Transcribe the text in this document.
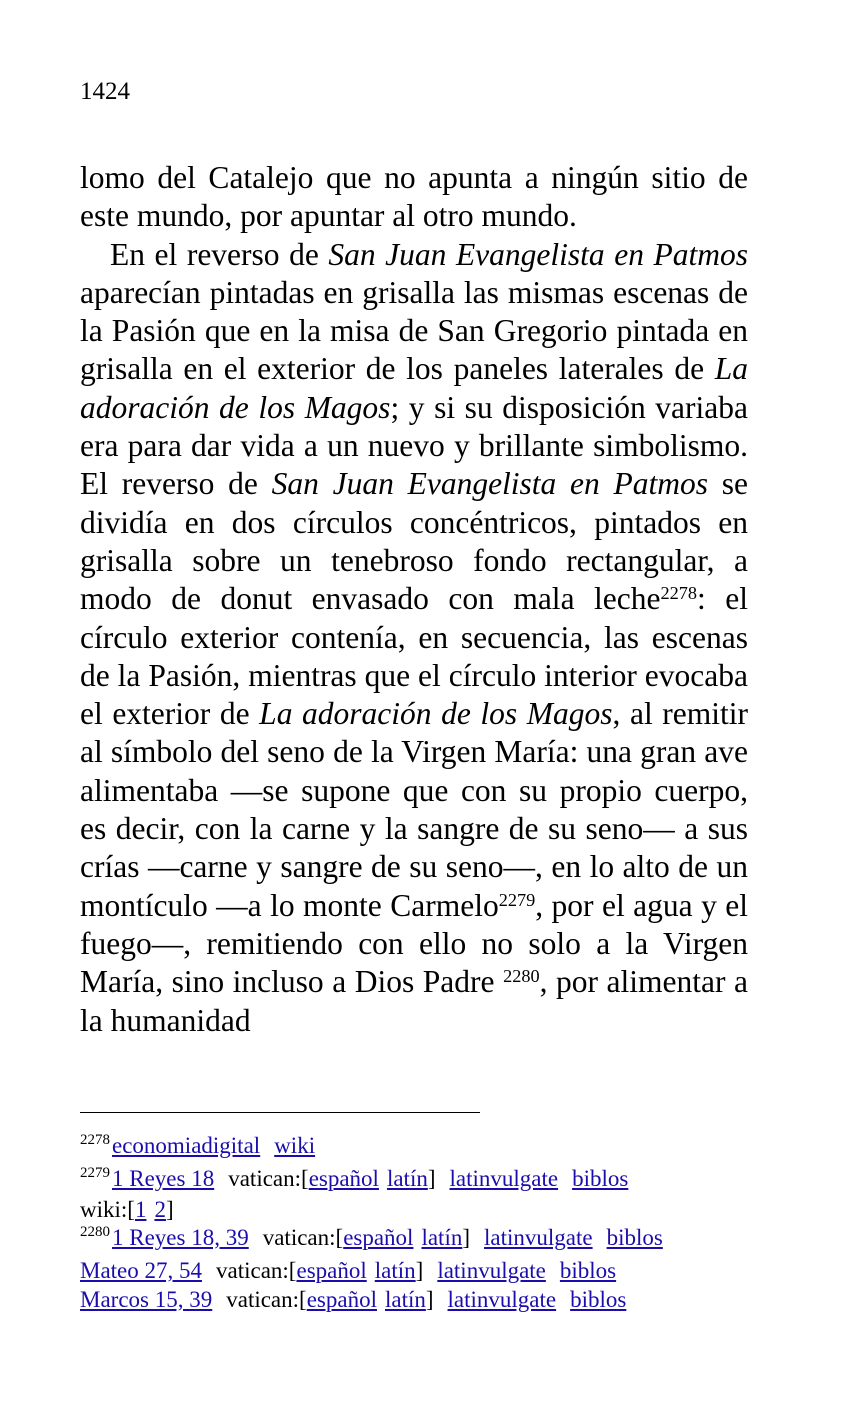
1424

lomo del Catalejo que no apunta a ningún sitio de este mundo, por apuntar al otro mundo.

En el reverso de San Juan Evangelista en Patmos aparecían pintadas en grisalla las mismas escenas de la Pasión que en la misa de San Gregorio pintada en grisalla en el exterior de los paneles laterales de La adoración de los Magos; y si su disposición variaba era para dar vida a un nuevo y brillante simbolismo. El reverso de San Juan Evangelista en Patmos se dividía en dos círculos concéntricos, pintados en grisalla sobre un tenebroso fondo rectangular, a modo de donut envasado con mala leche$^{2278}$: el círculo exterior contenía, en secuencia, las escenas de la Pasión, mientras que el círculo interior evocaba el exterior de La adoración de los Magos, al remitir al símbolo del seno de la Virgen María: una gran ave alimentaba —se supone que con su propio cuerpo, es decir, con la carne y la sangre de su seno— a sus crías —carne y sangre de su seno—, en lo alto de un montículo —a lo monte Carmelo$^{2279}$, por el agua y el fuego—, remitiendo con ello no solo a la Virgen María, sino incluso a Dios Padre $^{2280}$, por alimentar a la humanidad

$^{2278}$economiadigital wiki
$^{2279}$1 Reyes 18 vatican:[español latín] latinvulgate biblos
wiki:[1 2]
$^{2280}$1 Reyes 18, 39 vatican:[español latín] latinvulgate biblos
Mateo 27, 54 vatican:[español latín] latinvulgate biblos
Marcos 15, 39 vatican:[español latín] latinvulgate biblos
